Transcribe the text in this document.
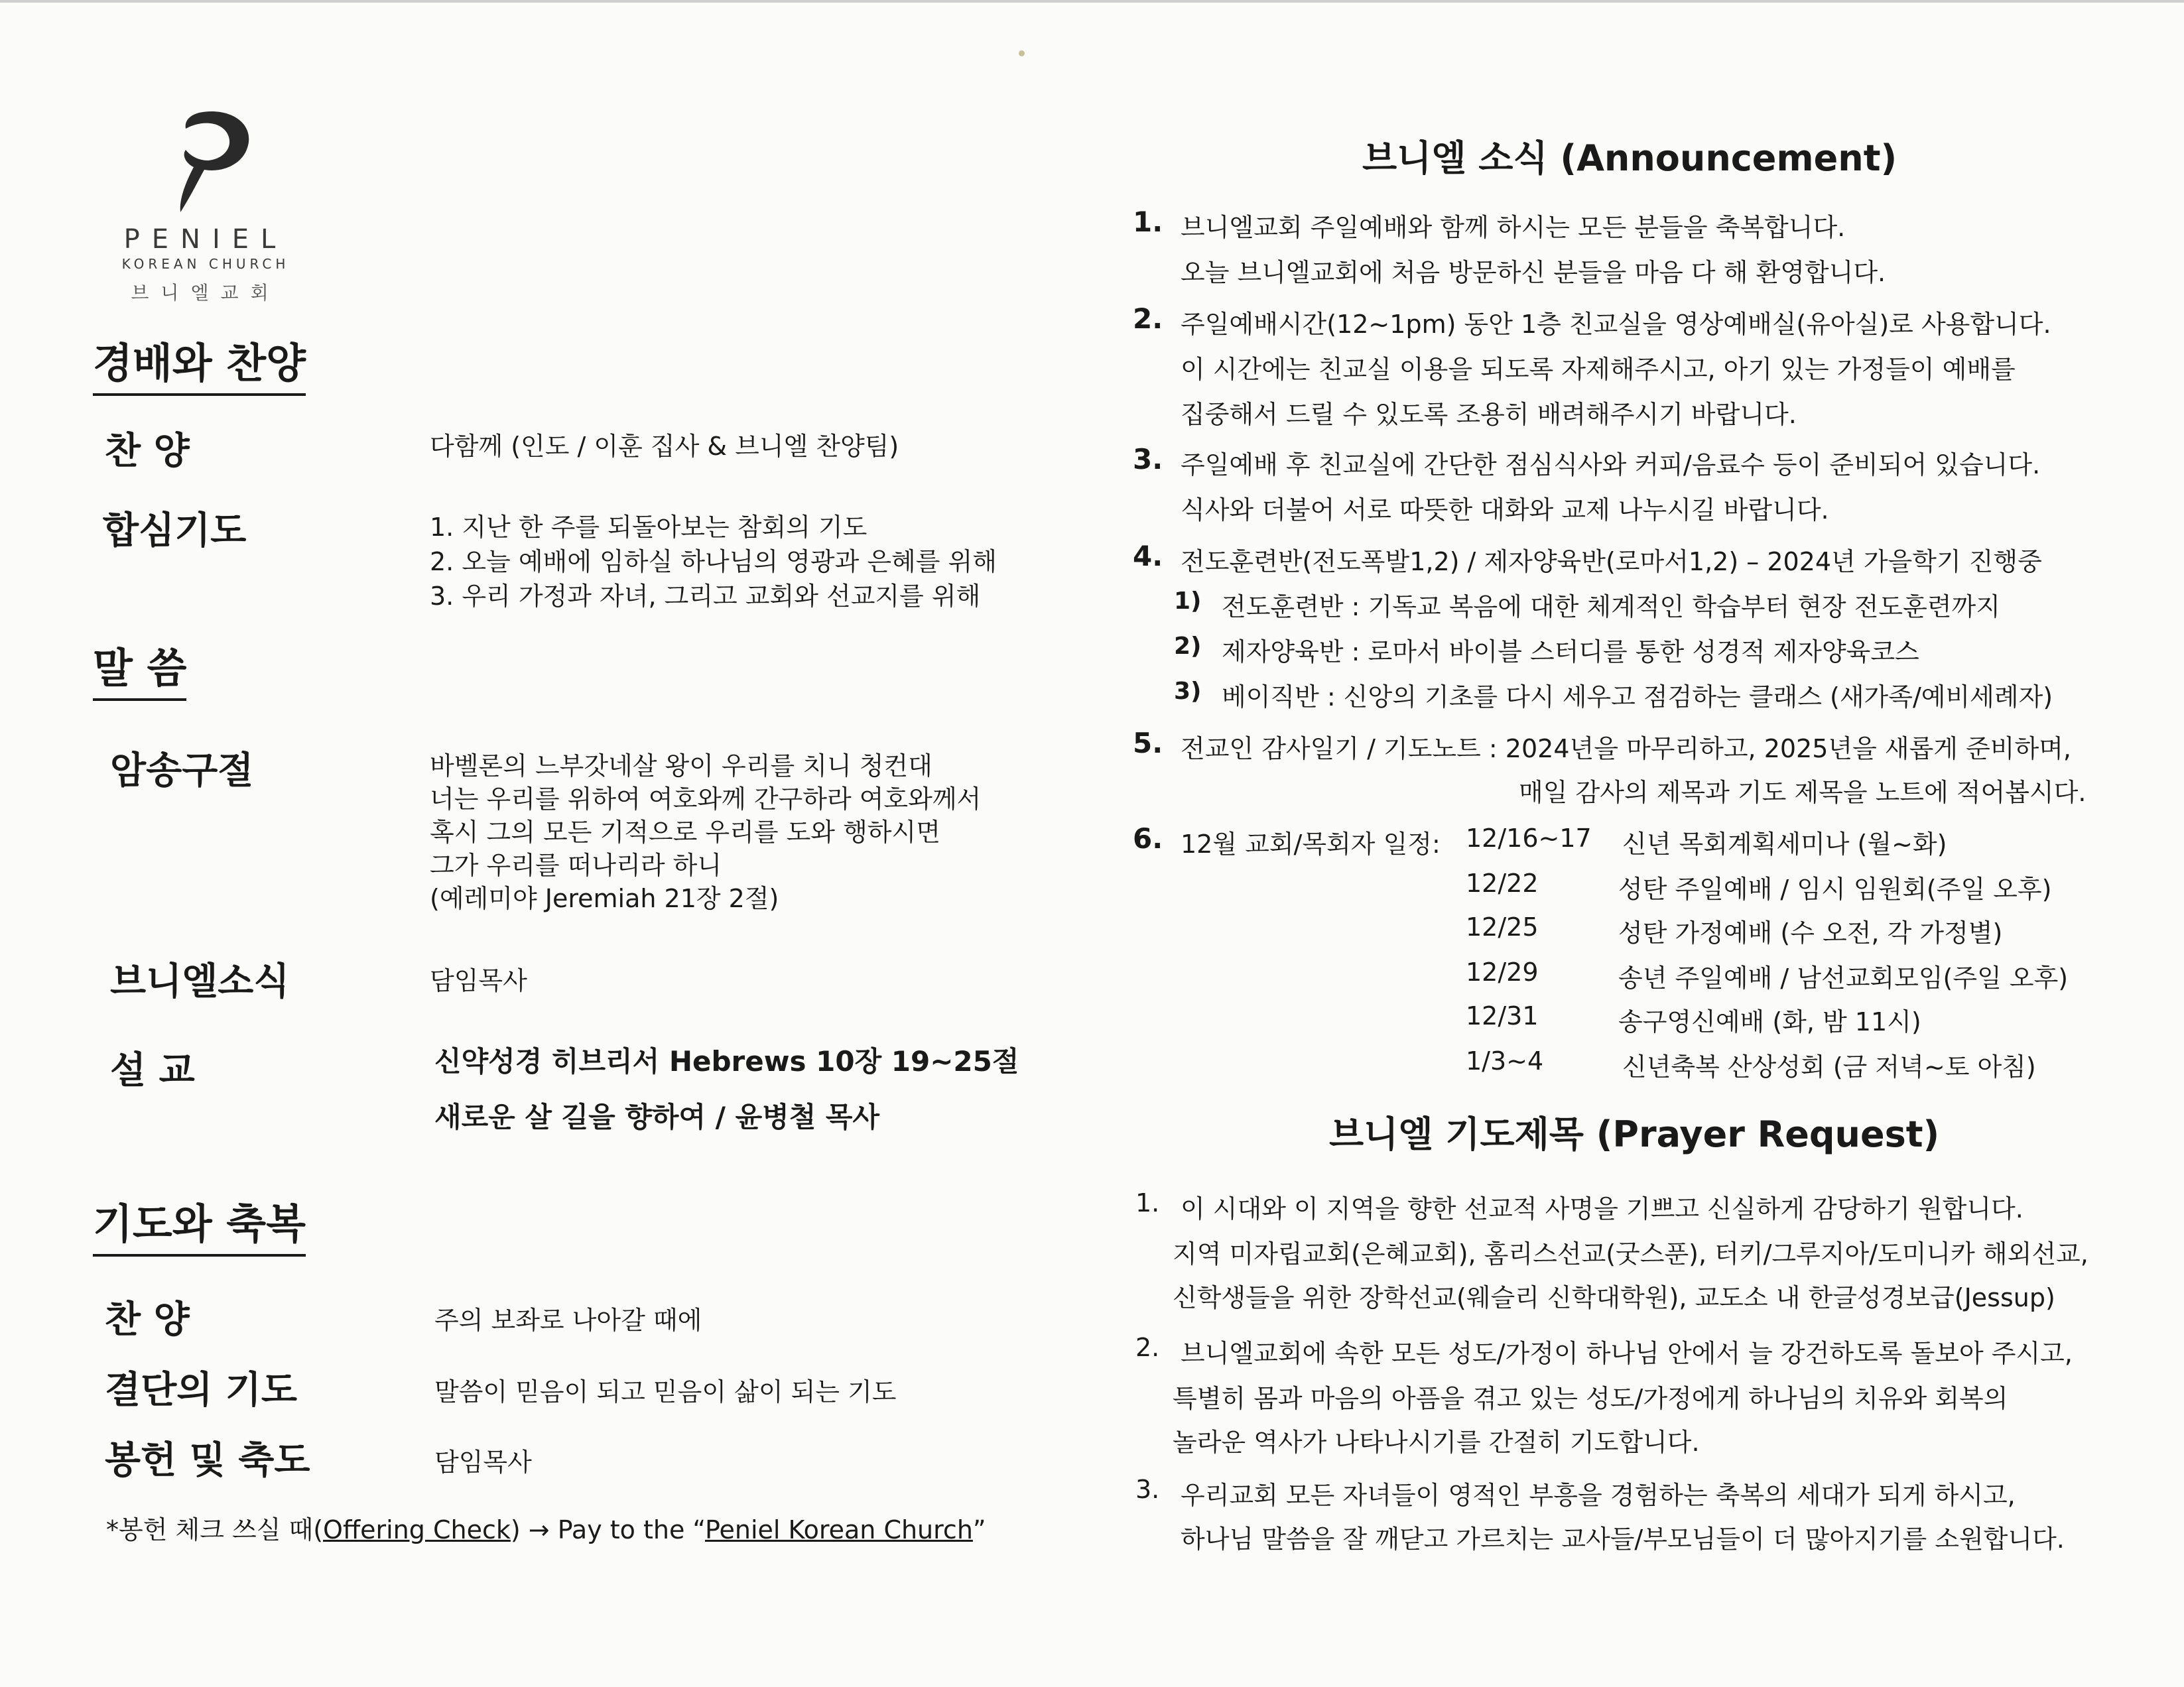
PENIEL
KOREAN CHURCH
브니엘교회
경배와 찬양
찬 양	다함께 (인도 / 이훈 집사 & 브니엘 찬양팀)
합심기도	1. 지난 한 주를 되돌아보는 참회의 기도
2. 오늘 예배에 임하실 하나님의 영광과 은혜를 위해
3. 우리 가정과 자녀, 그리고 교회와 선교지를 위해
말 씀
암송구절	바벨론의 느부갓네살 왕이 우리를 치니 청컨대
너는 우리를 위하여 여호와께 간구하라 여호와께서
혹시 그의 모든 기적으로 우리를 도와 행하시면
그가 우리를 떠나리라 하니
(예레미야 Jeremiah 21장 2절)
브니엘소식	담임목사
설 교	신약성경 히브리서 Hebrews 10장 19~25절
새로운 살 길을 향하여 / 윤병철 목사
기도와 축복
찬 양	주의 보좌로 나아갈 때에
결단의 기도	말씀이 믿음이 되고 믿음이 삶이 되는 기도
봉헌 및 축도	담임목사
*봉헌 체크 쓰실 때(Offering Check) → Pay to the “Peniel Korean Church”
브니엘 소식 (Announcement)
1. 브니엘교회 주일예배와 함께 하시는 모든 분들을 축복합니다.
오늘 브니엘교회에 처음 방문하신 분들을 마음 다 해 환영합니다.
2. 주일예배시간(12~1pm) 동안 1층 친교실을 영상예배실(유아실)로 사용합니다.
이 시간에는 친교실 이용을 되도록 자제해주시고, 아기 있는 가정들이 예배를
집중해서 드릴 수 있도록 조용히 배려해주시기 바랍니다.
3. 주일예배 후 친교실에 간단한 점심식사와 커피/음료수 등이 준비되어 있습니다.
식사와 더불어 서로 따뜻한 대화와 교제 나누시길 바랍니다.
4. 전도훈련반(전도폭발1,2) / 제자양육반(로마서1,2) – 2024년 가을학기 진행중
1) 전도훈련반 : 기독교 복음에 대한 체계적인 학습부터 현장 전도훈련까지
2) 제자양육반 : 로마서 바이블 스터디를 통한 성경적 제자양육코스
3) 베이직반 : 신앙의 기초를 다시 세우고 점검하는 클래스 (새가족/예비세례자)
5. 전교인 감사일기 / 기도노트 : 2024년을 마무리하고, 2025년을 새롭게 준비하며,
매일 감사의 제목과 기도 제목을 노트에 적어봅시다.
6. 12월 교회/목회자 일정: 12/16~17 신년 목회계획세미나 (월~화)
12/22	성탄 주일예배 / 임시 임원회(주일 오후)
12/25	성탄 가정예배 (수 오전, 각 가정별)
12/29	송년 주일예배 / 남선교회모임(주일 오후)
12/31	송구영신예배 (화, 밤 11시)
1/3~4	신년축복 산상성회 (금 저녁~토 아침)
브니엘 기도제목 (Prayer Request)
1. 이 시대와 이 지역을 향한 선교적 사명을 기쁘고 신실하게 감당하기 원합니다.
지역 미자립교회(은혜교회), 홈리스선교(굿스푼), 터키/그루지아/도미니카 해외선교,
신학생들을 위한 장학선교(웨슬리 신학대학원), 교도소 내 한글성경보급(Jessup)
2. 브니엘교회에 속한 모든 성도/가정이 하나님 안에서 늘 강건하도록 돌보아 주시고,
특별히 몸과 마음의 아픔을 겪고 있는 성도/가정에게 하나님의 치유와 회복의
놀라운 역사가 나타나시기를 간절히 기도합니다.
3. 우리교회 모든 자녀들이 영적인 부흥을 경험하는 축복의 세대가 되게 하시고,
하나님 말씀을 잘 깨닫고 가르치는 교사들/부모님들이 더 많아지기를 소원합니다.
